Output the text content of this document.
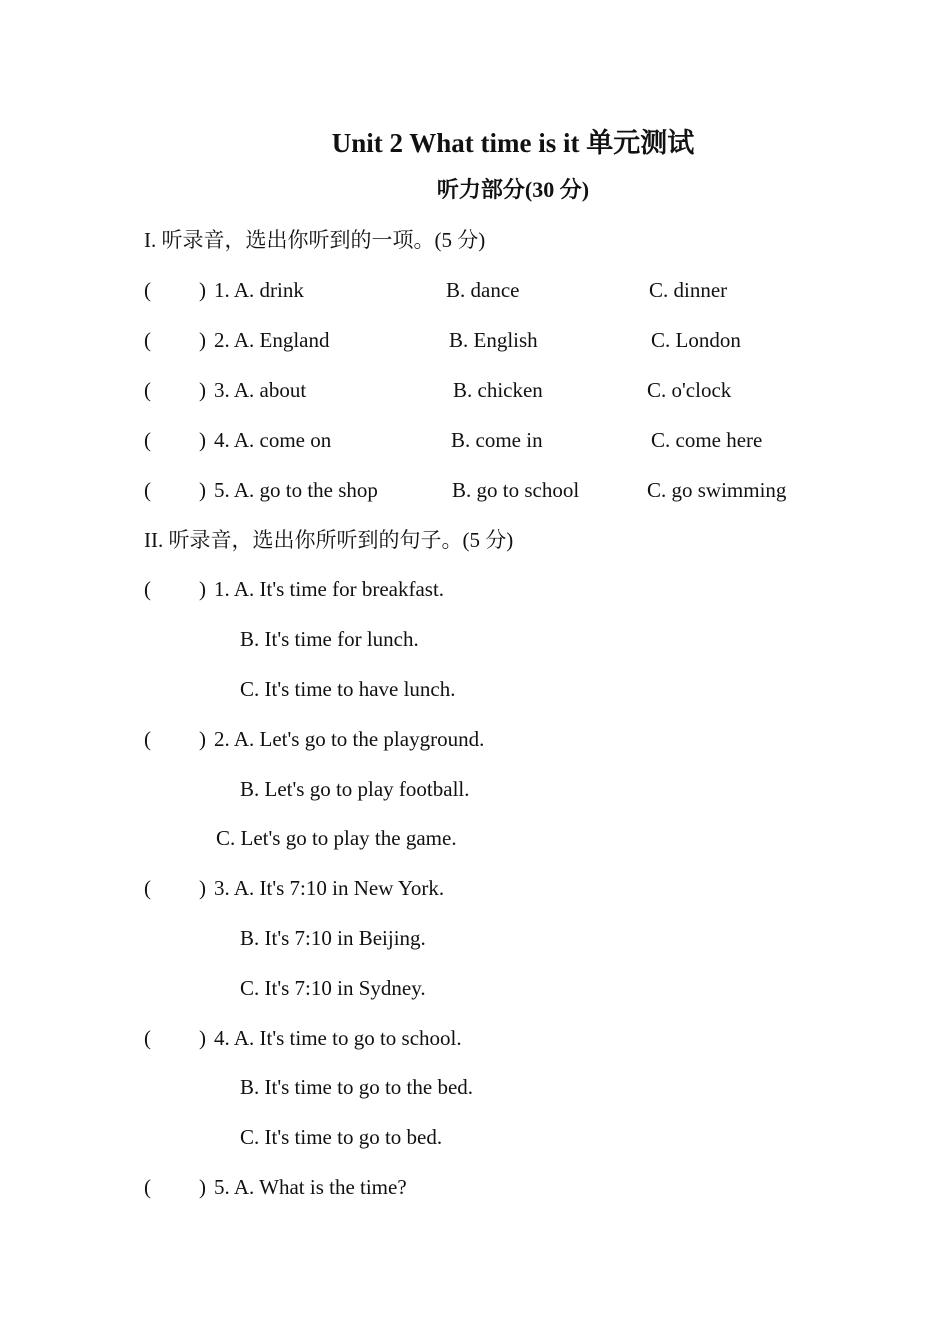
Unit 2 What time is it 单元测试
听力部分(30 分)
I. 听录音，选出你听到的一项。(5 分)
( ) 1. A. drink	B. dance	C. dinner
( ) 2. A. England	B. English	C. London
( ) 3. A. about	B. chicken	C. o'clock
( ) 4. A. come on	B. come in	C. come here
( ) 5. A. go to the shop	B. go to school	C. go swimming
II. 听录音，选出你所听到的句子。(5 分)
( ) 1. A. It's time for breakfast.
B. It's time for lunch.
C. It's time to have lunch.
( ) 2. A. Let's go to the playground.
B. Let's go to play football.
C. Let's go to play the game.
( ) 3. A. It's 7:10 in New York.
B. It's 7:10 in Beijing.
C. It's 7:10 in Sydney.
( ) 4. A. It's time to go to school.
B. It's time to go to the bed.
C. It's time to go to bed.
( ) 5. A. What is the time?
